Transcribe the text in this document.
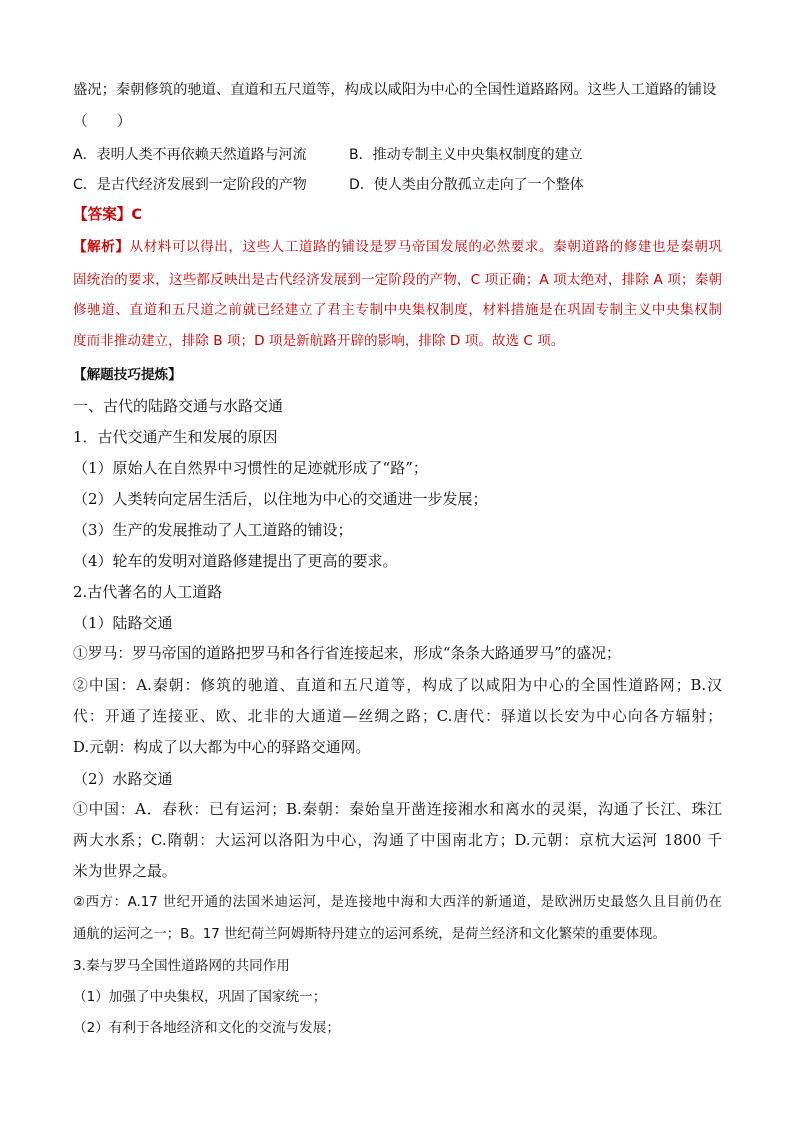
盛况；秦朝修筑的驰道、直道和五尺道等，构成以咸阳为中心的全国性道路路网。这些人工道路的铺设
（　　）
A．表明人类不再依赖天然道路与河流	B．推动专制主义中央集权制度的建立
C．是古代经济发展到一定阶段的产物	D．使人类由分散孤立走向了一个整体
【答案】C
【解析】从材料可以得出，这些人工道路的铺设是罗马帝国发展的必然要求。秦朝道路的修建也是秦朝巩
固统治的要求，这些都反映出是古代经济发展到一定阶段的产物，C 项正确；A 项太绝对，排除 A 项；秦朝
修驰道、直道和五尺道之前就已经建立了君主专制中央集权制度，材料措施是在巩固专制主义中央集权制
度而非推动建立，排除 B 项；D 项是新航路开辟的影响，排除 D 项。故选 C 项。
【解题技巧提炼】
一、古代的陆路交通与水路交通
1．古代交通产生和发展的原因
（1）原始人在自然界中习惯性的足迹就形成了“路”；
（2）人类转向定居生活后，以住地为中心的交通进一步发展；
（3）生产的发展推动了人工道路的铺设；
（4）轮车的发明对道路修建提出了更高的要求。
2.古代著名的人工道路
（1）陆路交通
①罗马：罗马帝国的道路把罗马和各行省连接起来，形成“条条大路通罗马”的盛况；
②中国：A.秦朝：修筑的驰道、直道和五尺道等，构成了以咸阳为中心的全国性道路网；B.汉
代：开通了连接亚、欧、北非的大通道—丝绸之路；C.唐代：驿道以长安为中心向各方辐射；
D.元朝：构成了以大都为中心的驿路交通网。
（2）水路交通
①中国：A．春秋：已有运河；B.秦朝：秦始皇开凿连接湘水和离水的灵渠，沟通了长江、珠江
两大水系；C.隋朝：大运河以洛阳为中心，沟通了中国南北方；D.元朝：京杭大运河 1800 千
米为世界之最。
②西方：A.17 世纪开通的法国米迪运河，是连接地中海和大西洋的新通道，是欧洲历史最悠久且目前仍在
通航的运河之一；B。17 世纪荷兰阿姆斯特丹建立的运河系统，是荷兰经济和文化繁荣的重要体现。
3.秦与罗马全国性道路网的共同作用
（1）加强了中央集权，巩固了国家统一；
（2）有利于各地经济和文化的交流与发展；
